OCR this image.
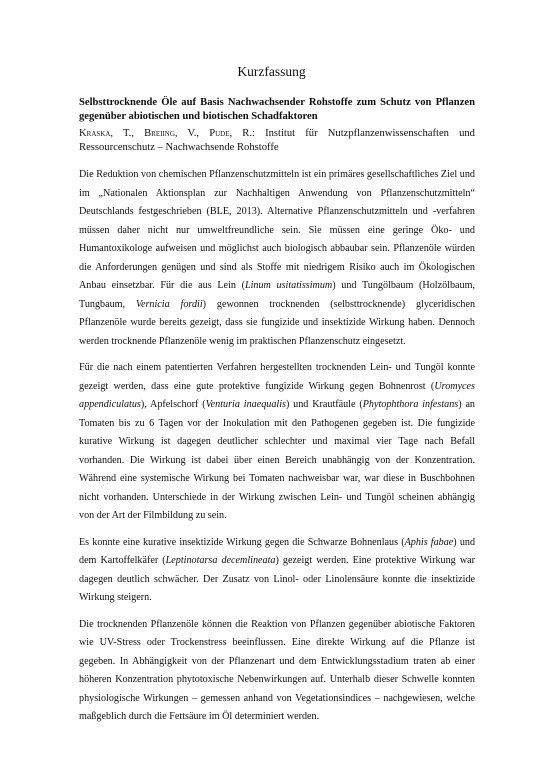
Kurzfassung
Selbsttrocknende Öle auf Basis Nachwachsender Rohstoffe zum Schutz von Pflanzen gegenüber abiotischen und biotischen Schadfaktoren
Kraska, T., Breiing, V., Pude, R.: Institut für Nutzpflanzenwissenschaften und Ressourcenschutz – Nachwachsende Rohstoffe

Die Reduktion von chemischen Pflanzenschutzmitteln ist ein primäres gesellschaftliches Ziel und im „Nationalen Aktionsplan zur Nachhaltigen Anwendung von Pflanzenschutzmitteln“ Deutschlands festgeschrieben (BLE, 2013). Alternative Pflanzenschutzmitteln und -verfahren müssen daher nicht nur umweltfreundliche sein. Sie müssen eine geringe Öko- und Humantoxikologe aufweisen und möglichst auch biologisch abbaubar sein. Pflanzenöle würden die Anforderungen genügen und sind als Stoffe mit niedrigem Risiko auch im Ökologischen Anbau einsetzbar. Für die aus Lein (Linum usitatissimum) und Tungölbaum (Holzölbaum, Tungbaum, Vernicia fordii) gewonnen trocknenden (selbsttrocknende) glyceridischen Pflanzenöle wurde bereits gezeigt, dass sie fungizide und insektizide Wirkung haben. Dennoch werden trocknende Pflanzenöle wenig im praktischen Pflanzenschutz eingesetzt.

Für die nach einem patentierten Verfahren hergestellten trocknenden Lein- und Tungöl konnte gezeigt werden, dass eine gute protektive fungizide Wirkung gegen Bohnenrost (Uromyces appendiculatus), Apfelschorf (Venturia inaequalis) und Krautfäule (Phytophthora infestans) an Tomaten bis zu 6 Tagen vor der Inokulation mit den Pathogenen gegeben ist. Die fungizide kurative Wirkung ist dagegen deutlicher schlechter und maximal vier Tage nach Befall vorhanden. Die Wirkung ist dabei über einen Bereich unabhängig von der Konzentration. Während eine systemische Wirkung bei Tomaten nachweisbar war, war diese in Buschbohnen nicht vorhanden. Unterschiede in der Wirkung zwischen Lein- und Tungöl scheinen abhängig von der Art der Filmbildung zu sein.

Es konnte eine kurative insektizide Wirkung gegen die Schwarze Bohnenlaus (Aphis fabae) und dem Kartoffelkäfer (Leptinotarsa decemlineata) gezeigt werden. Eine protektive Wirkung war dagegen deutlich schwächer. Der Zusatz von Linol- oder Linolensäure konnte die insektizide Wirkung steigern.

Die trocknenden Pflanzenöle können die Reaktion von Pflanzen gegenüber abiotische Faktoren wie UV-Stress oder Trockenstress beeinflussen. Eine direkte Wirkung auf die Pflanze ist gegeben. In Abhängigkeit von der Pflanzenart und dem Entwicklungsstadium traten ab einer höheren Konzentration phytotoxische Nebenwirkungen auf. Unterhalb dieser Schwelle konnten physiologische Wirkungen – gemessen anhand von Vegetationsindices – nachgewiesen, welche maßgeblich durch die Fettsäure im Öl determiniert werden.
